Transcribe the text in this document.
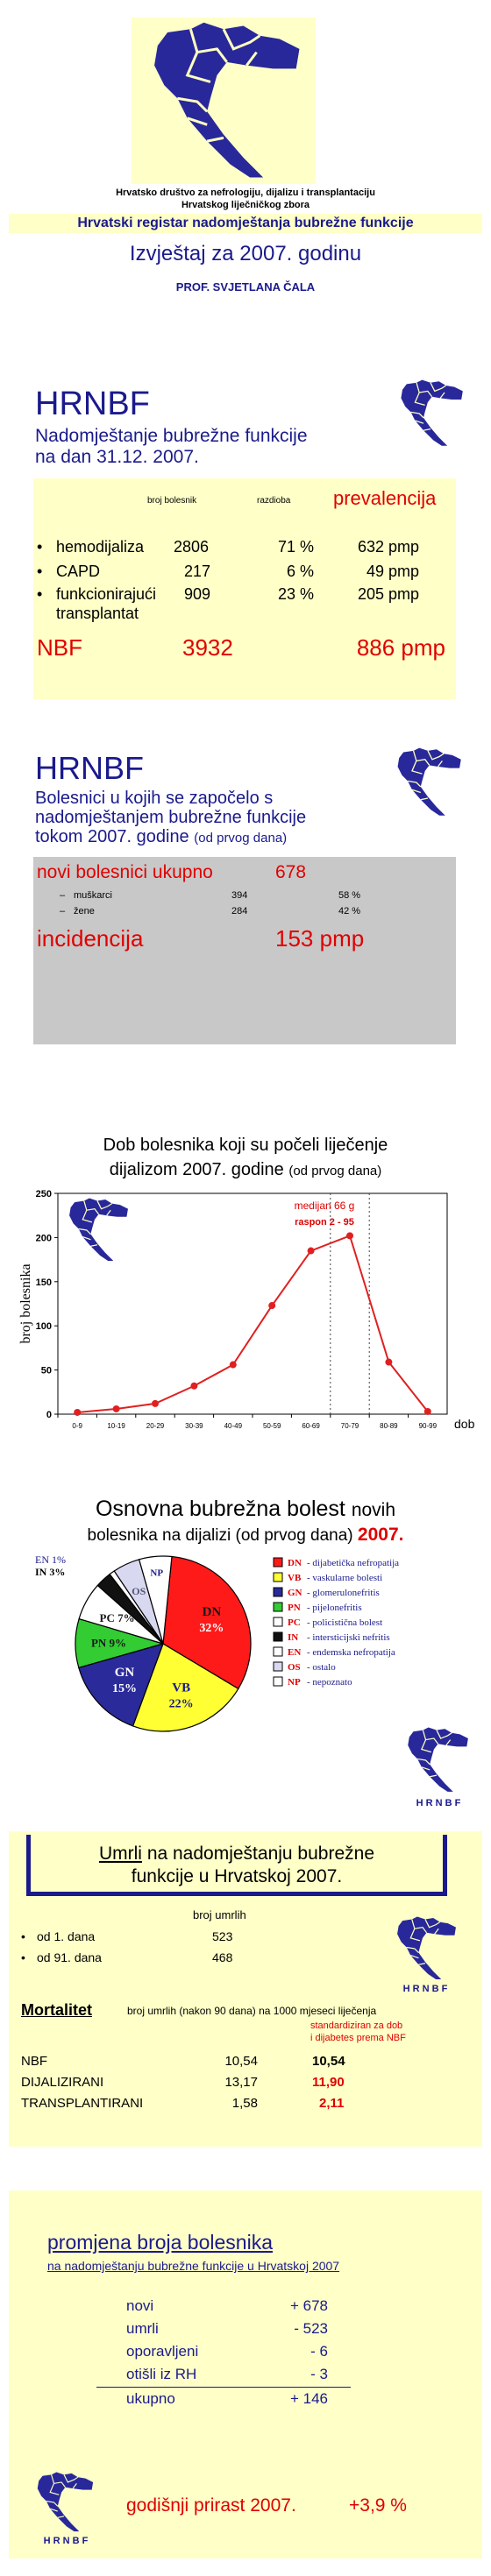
Hrvatsko društvo za nefrologiju, dijalizu i transplantaciju
Hrvatskog liječničkog zbora
Hrvatski registar nadomještanja bubrežne funkcije
Izvještaj za 2007. godinu
PROF. SVJETLANA ČALA
HRNBF
Nadomještanje bubrežne funkcije
na dan 31.12. 2007.
broj bolesnik	razdioba prevalencija
• hemodijaliza 2806	71 %	632 pmp
• CAPD	217	6 %	49 pmp
• funkcionirajući
transplantat
909	23 %	205 pmp
NBF	3932	886 pmp
HRNBF
Bolesnici u kojih se započelo s
nadomještanjem bubrežne funkcije
tokom 2007. godine (od prvog dana)
novi bolesnici ukupno	678
– muškarci	394	58 %
– žene	284	42 %
incidencija	153 pmp
Dob bolesnika koji su počeli liječenje
dijalizom 2007. godine (od prvog dana)
0
50
100
150
200
250
broj bolesnika
0-9	10-19	20-29	30-39	40-49	50-59	60-69	70-79	80-89	90-99 dob
medijan 66 g
raspon 2 - 95
Osnovna bubrežna bolest novih
bolesnika na dijalizi (od prvog dana) 2007.
DN
32%
VB
22%
GN
15%
PN 9%
PC 7%
OS
NP
EN 1%
IN 3%
DN - dijabetička nefropatija
VB - vaskularne bolesti
GN - glomerulonefritis
PN - pijelonefritis
PC - policistična bolest
IN - intersticijski nefritis
EN - endemska nefropatija
OS - ostalo
NP - nepoznato
H R N B F
Umrli na nadomještanju bubrežne
funkcije u Hrvatskoj 2007.
broj umrlih
• od 1. dana	523
• od 91. dana	468
H R N B F
Mortalitet	broj umrlih (nakon 90 dana) na 1000 mjeseci liječenja
standardiziran za dob
i dijabetes prema NBF
NBF	10,54	10,54
DIJALIZIRANI	13,17	11,90
TRANSPLANTIRANI	1,58	2,11
promjena broja bolesnika
na nadomještanju bubrežne funkcije u Hrvatskoj 2007
novi	+ 678
umrli	- 523
oporavljeni	- 6
otišli iz RH	- 3
ukupno	+ 146
H R N B F
godišnji prirast 2007.	+3,9 %
